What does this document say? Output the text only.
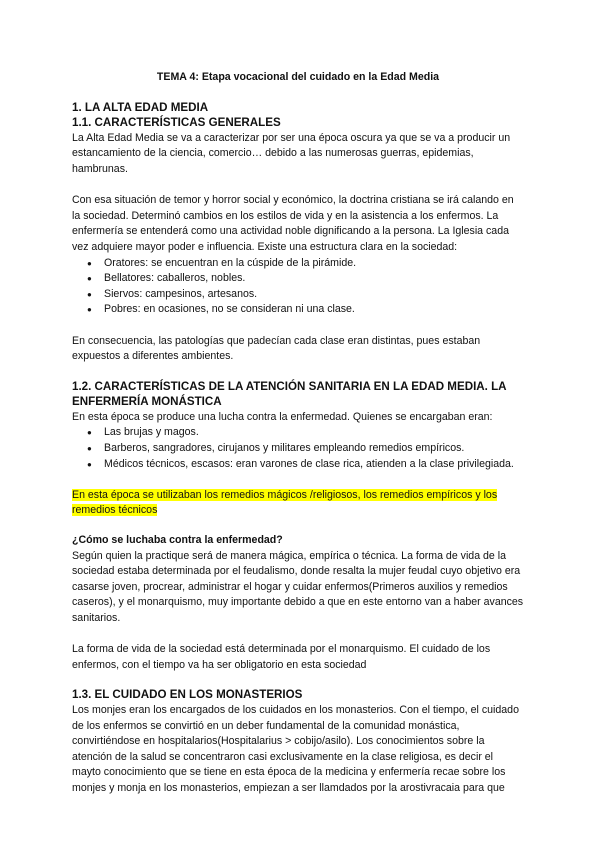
TEMA 4: Etapa vocacional del cuidado en la Edad Media
1. LA ALTA EDAD MEDIA
1.1. CARACTERÍSTICAS GENERALES

La Alta Edad Media se va a caracterizar por ser una época oscura ya que se va a producir un estancamiento de la ciencia, comercio… debido a las numerosas guerras, epidemias, hambrunas.

Con esa situación de temor y horror social y económico, la doctrina cristiana se irá calando en la sociedad. Determinó cambios en los estilos de vida y en la asistencia a los enfermos. La enfermería se entenderá como una actividad noble dignificando a la persona. La Iglesia cada vez adquiere mayor poder e influencia. Existe una estructura clara en la sociedad:

● Oratores: se encuentran en la cúspide de la pirámide.
● Bellatores: caballeros, nobles.
● Siervos: campesinos, artesanos.
● Pobres: en ocasiones, no se consideran ni una clase.

En consecuencia, las patologías que padecían cada clase eran distintas, pues estaban expuestos a diferentes ambientes.

1.2. CARACTERÍSTICAS DE LA ATENCIÓN SANITARIA EN LA EDAD MEDIA. LA ENFERMERÍA MONÁSTICA

En esta época se produce una lucha contra la enfermedad. Quienes se encargaban eran:

● Las brujas y magos.
● Barberos, sangradores, cirujanos y militares empleando remedios empíricos.
● Médicos técnicos, escasos: eran varones de clase rica, atienden a la clase privilegiada.

En esta época se utilizaban los remedios mágicos /religiosos, los remedios empíricos y los remedios técnicos

¿Cómo se luchaba contra la enfermedad?

Según quien la practique será de manera mágica, empírica o técnica. La forma de vida de la sociedad estaba determinada por el feudalismo, donde resalta la mujer feudal cuyo objetivo era casarse joven, procrear, administrar el hogar y cuidar enfermos(Primeros auxilios y remedios caseros), y el monarquismo, muy importante debido a que en este entorno van a haber avances sanitarios.

La forma de vida de la sociedad está determinada por el monarquismo. El cuidado de los enfermos, con el tiempo va ha ser obligatorio en esta sociedad

1.3. EL CUIDADO EN LOS MONASTERIOS

Los monjes eran los encargados de los cuidados en los monasterios. Con el tiempo, el cuidado de los enfermos se convirtió en un deber fundamental de la comunidad monástica, convirtiéndose en hospitalarios(Hospitalarius > cobijo/asilo). Los conocimientos sobre la atención de la salud se concentraron casi exclusivamente en la clase religiosa, es decir el mayto conocimiento que se tiene en esta época de la medicina y enfermería recae sobre los monjes y monja en los monasterios, empiezan a ser llamdados por la arostivracaia para que
